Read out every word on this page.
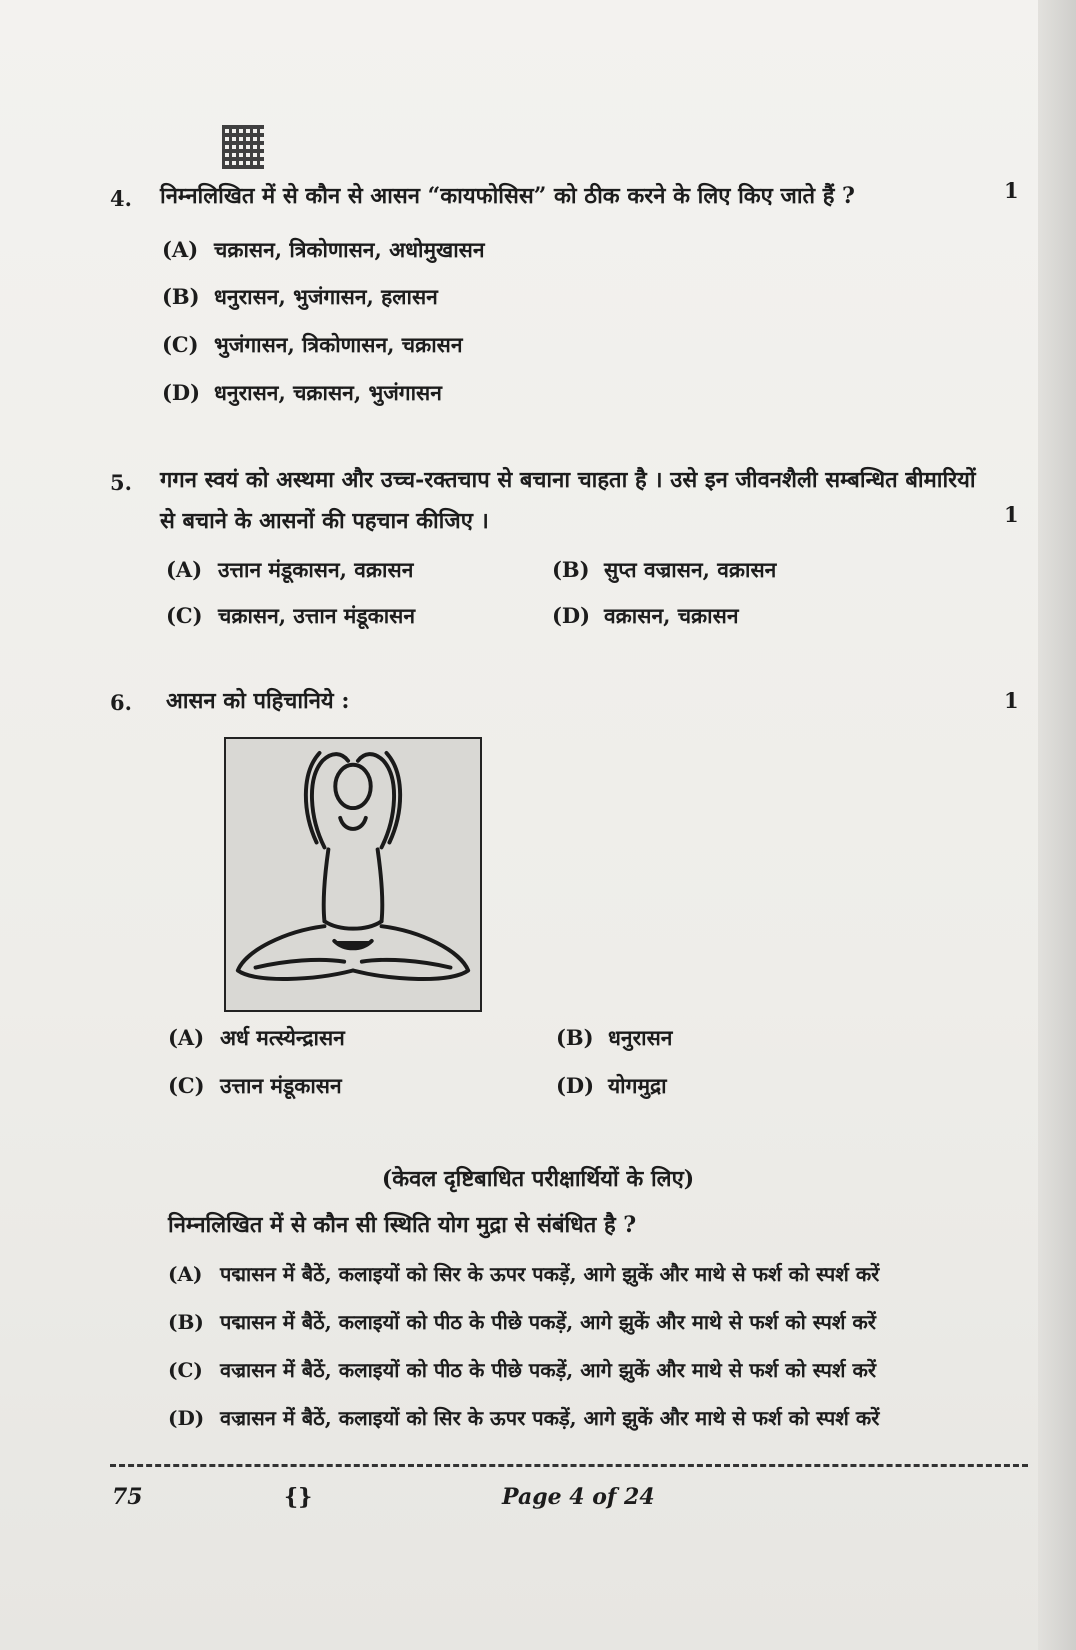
4. निम्नलिखित में से कौन से आसन “कायफोसिस” को ठीक करने के लिए किए जाते हैं ?	1
(A) चक्रासन, त्रिकोणासन, अधोमुखासन
(B) धनुरासन, भुजंगासन, हलासन
(C) भुजंगासन, त्रिकोणासन, चक्रासन
(D) धनुरासन, चक्रासन, भुजंगासन
5. गगन स्वयं को अस्थमा और उच्च-रक्तचाप से बचाना चाहता है । उसे इन जीवनशैली सम्बन्धित बीमारियों
से बचाने के आसनों की पहचान कीजिए ।	1
(A) उत्तान मंडूकासन, वक्रासन	(B) सुप्त वज्रासन, वक्रासन
(C) चक्रासन, उत्तान मंडूकासन	(D) वक्रासन, चक्रासन
6. आसन को पहिचानिये :	1
(A) अर्ध मत्स्येन्द्रासन	(B) धनुरासन
(C) उत्तान मंडूकासन	(D) योगमुद्रा
(केवल दृष्टिबाधित परीक्षार्थियों के लिए)
निम्नलिखित में से कौन सी स्थिति योग मुद्रा से संबंधित है ?
(A) पद्मासन में बैठें, कलाइयों को सिर के ऊपर पकड़ें, आगे झुकें और माथे से फर्श को स्पर्श करें
(B) पद्मासन में बैठें, कलाइयों को पीठ के पीछे पकड़ें, आगे झुकें और माथे से फर्श को स्पर्श करें
(C) वज्रासन में बैठें, कलाइयों को पीठ के पीछे पकड़ें, आगे झुकें और माथे से फर्श को स्पर्श करें
(D) वज्रासन में बैठें, कलाइयों को सिर के ऊपर पकड़ें, आगे झुकें और माथे से फर्श को स्पर्श करें
75	{}	Page 4 of 24
